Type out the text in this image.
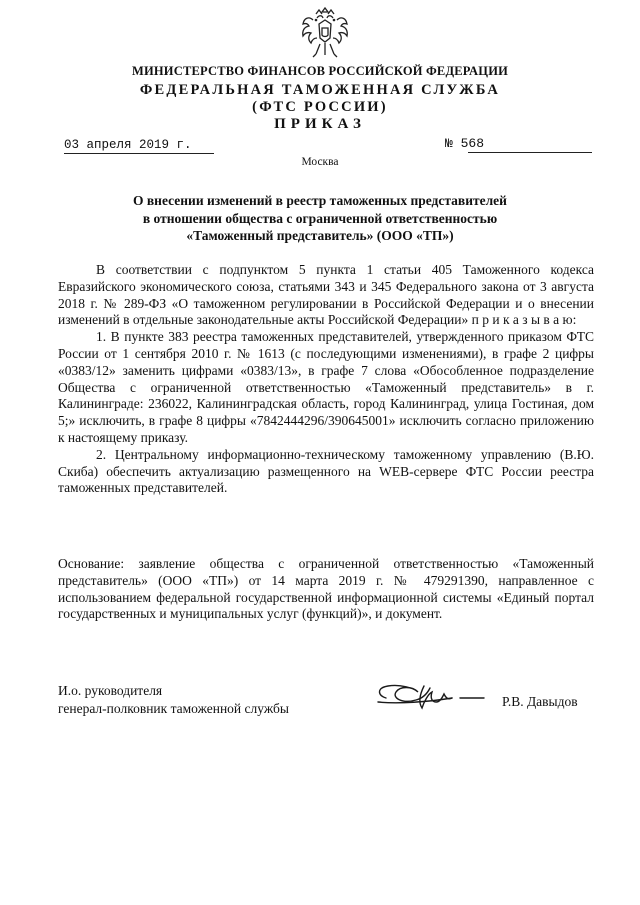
МИНИСТЕРСТВО ФИНАНСОВ РОССИЙСКОЙ ФЕДЕРАЦИИ
ФЕДЕРАЛЬНАЯ ТАМОЖЕННАЯ СЛУЖБА
(ФТС РОССИИ)
ПРИКАЗ
03 апреля 2019 г.	№ 568
Москва
О внесении изменений в реестр таможенных представителей
в отношении общества с ограниченной ответственностью
«Таможенный представитель» (ООО «ТП»)

В соответствии с подпунктом 5 пункта 1 статьи 405 Таможенного кодекса Евразийского экономического союза, статьями 343 и 345 Федерального закона от 3 августа 2018 г. № 289-ФЗ «О таможенном регулировании в Российской Федерации и о внесении изменений в отдельные законодательные акты Российской Федерации» п р и к а з ы в а ю:

1. В пункте 383 реестра таможенных представителей, утвержденного приказом ФТС России от 1 сентября 2010 г. № 1613 (с последующими изменениями), в графе 2 цифры «0383/12» заменить цифрами «0383/13», в графе 7 слова «Обособленное подразделение Общества с ограниченной ответственностью «Таможенный представитель» в г. Калининграде: 236022, Калининградская область, город Калининград, улица Гостиная, дом 5;» исключить, в графе 8 цифры «7842444296/390645001» исключить согласно приложению к настоящему приказу.

2. Центральному информационно-техническому таможенному управлению (В.Ю. Скиба) обеспечить актуализацию размещенного на WEB-сервере ФТС России реестра таможенных представителей.

Основание: заявление общества с ограниченной ответственностью «Таможенный представитель» (ООО «ТП») от 14 марта 2019 г. № 479291390, направленное с использованием федеральной государственной информационной системы «Единый портал государственных и муниципальных услуг (функций)», и документ.

И.о. руководителя
генерал-полковник таможенной службы	Р.В. Давыдов
